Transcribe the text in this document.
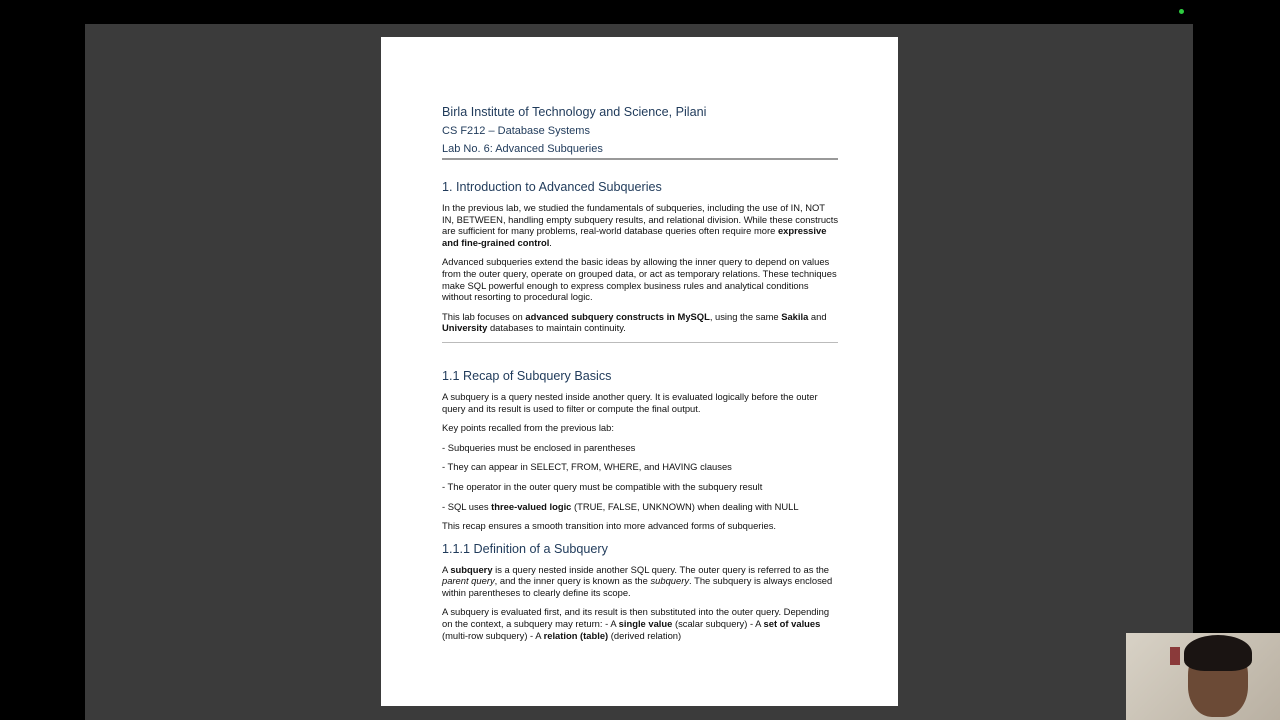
Birla Institute of Technology and Science, Pilani
CS F212 – Database Systems
Lab No. 6: Advanced Subqueries
1. Introduction to Advanced Subqueries
In the previous lab, we studied the fundamentals of subqueries, including the use of IN, NOT IN, BETWEEN, handling empty subquery results, and relational division. While these constructs are sufficient for many problems, real-world database queries often require more expressive and fine-grained control.
Advanced subqueries extend the basic ideas by allowing the inner query to depend on values from the outer query, operate on grouped data, or act as temporary relations. These techniques make SQL powerful enough to express complex business rules and analytical conditions without resorting to procedural logic.
This lab focuses on advanced subquery constructs in MySQL, using the same Sakila and University databases to maintain continuity.
1.1 Recap of Subquery Basics
A subquery is a query nested inside another query. It is evaluated logically before the outer query and its result is used to filter or compute the final output.
Key points recalled from the previous lab:
- Subqueries must be enclosed in parentheses
- They can appear in SELECT, FROM, WHERE, and HAVING clauses
- The operator in the outer query must be compatible with the subquery result
- SQL uses three-valued logic (TRUE, FALSE, UNKNOWN) when dealing with NULL
This recap ensures a smooth transition into more advanced forms of subqueries.
1.1.1 Definition of a Subquery
A subquery is a query nested inside another SQL query. The outer query is referred to as the parent query, and the inner query is known as the subquery. The subquery is always enclosed within parentheses to clearly define its scope.
A subquery is evaluated first, and its result is then substituted into the outer query. Depending on the context, a subquery may return: - A single value (scalar subquery) - A set of values (multi-row subquery) - A relation (table) (derived relation)
